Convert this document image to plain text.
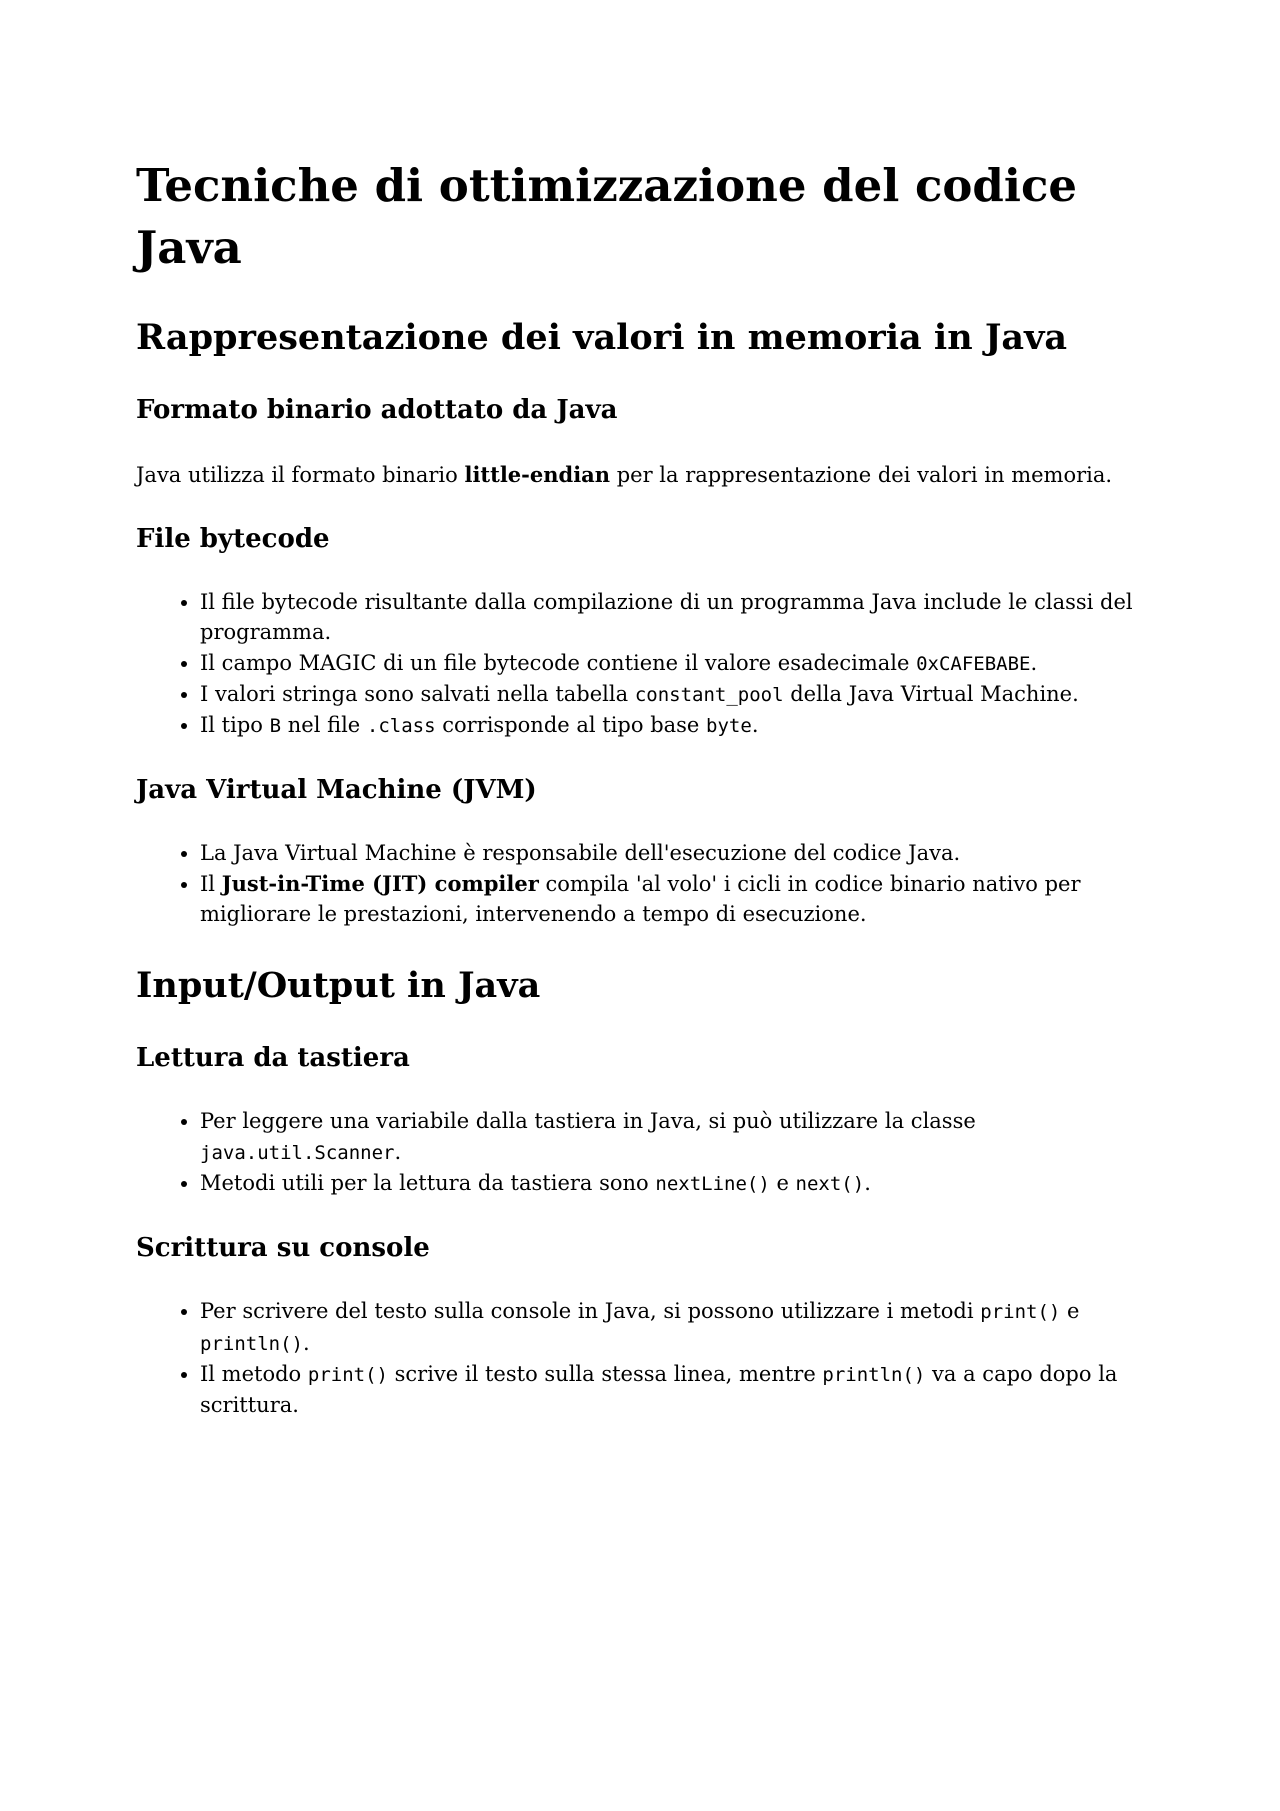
Tecniche di ottimizzazione del codice Java
Rappresentazione dei valori in memoria in Java
Formato binario adottato da Java

Java utilizza il formato binario little-endian per la rappresentazione dei valori in memoria.

File bytecode
• Il file bytecode risultante dalla compilazione di un programma Java include le classi del programma.
• Il campo MAGIC di un file bytecode contiene il valore esadecimale 0xCAFEBABE.
• I valori stringa sono salvati nella tabella constant_pool della Java Virtual Machine.
• Il tipo B nel file .class corrisponde al tipo base byte.
Java Virtual Machine (JVM)
• La Java Virtual Machine è responsabile dell'esecuzione del codice Java.
• Il Just-in-Time (JIT) compiler compila 'al volo' i cicli in codice binario nativo per migliorare le prestazioni, intervenendo a tempo di esecuzione.
Input/Output in Java
Lettura da tastiera
• Per leggere una variabile dalla tastiera in Java, si può utilizzare la classe java.util.Scanner.
• Metodi utili per la lettura da tastiera sono nextLine() e next().
Scrittura su console
• Per scrivere del testo sulla console in Java, si possono utilizzare i metodi print() e println().
• Il metodo print() scrive il testo sulla stessa linea, mentre println() va a capo dopo la scrittura.
